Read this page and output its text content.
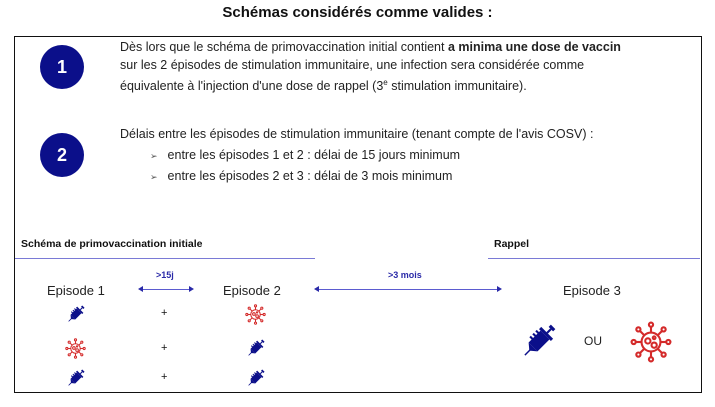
Schémas considérés comme valides :
1
Dès lors que le schéma de primovaccination initial contient a minima une dose de vaccin
sur les 2 épisodes de stimulation immunitaire, une infection sera considérée comme
équivalente à l'injection d'une dose de rappel (3e stimulation immunitaire).
2
Délais entre les épisodes de stimulation immunitaire (tenant compte de l'avis COSV) :
➢ entre les épisodes 1 et 2 : délai de 15 jours minimum
➢ entre les épisodes 2 et 3 : délai de 3 mois minimum
Schéma de primovaccination initiale	Rappel
Episode 1	Episode 2	Episode 3
>15j	>3 mois
+
+
+
OU
